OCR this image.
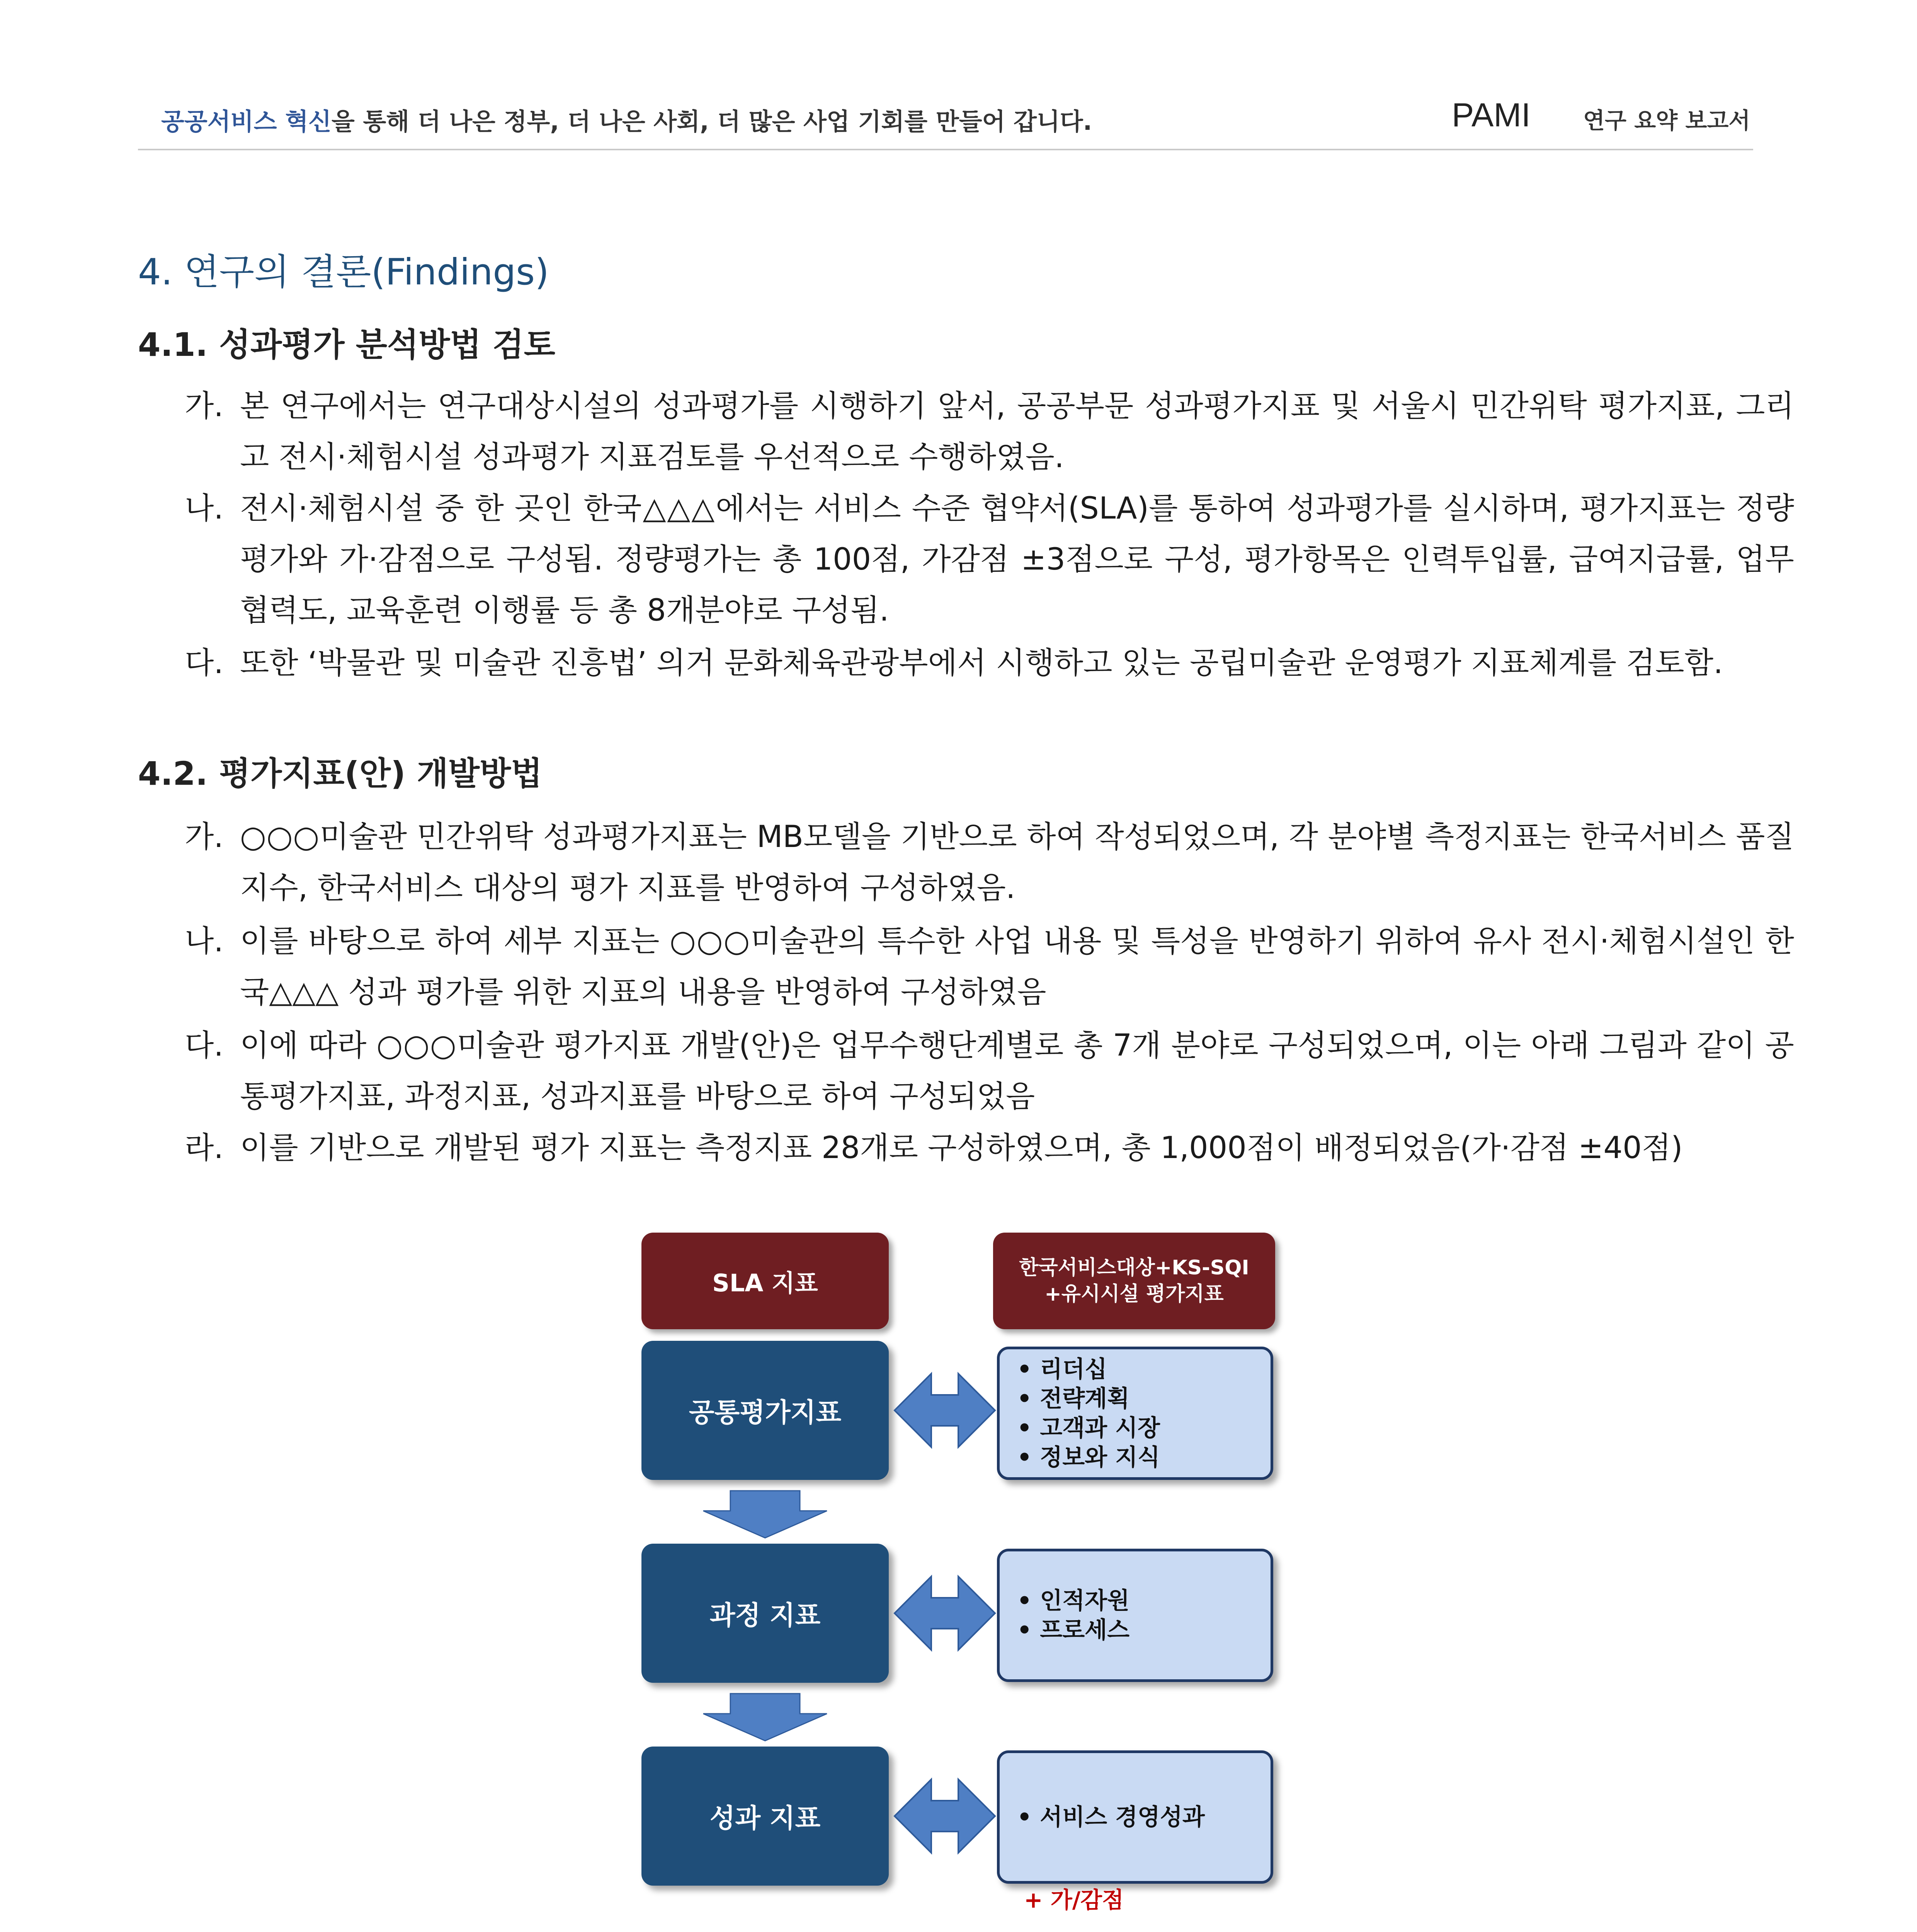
공공서비스 혁신을 통해 더 나은 정부, 더 나은 사회, 더 많은 사업 기회를 만들어 갑니다.	PAMI 연구 요약 보고서
4. 연구의 결론(Findings)
4.1. 성과평가 분석방법 검토
가. 본 연구에서는 연구대상시설의 성과평가를 시행하기 앞서, 공공부문 성과평가지표 및 서울시 민간위탁 평가지표, 그리고 전시·체험시설 성과평가 지표검토를 우선적으로 수행하였음.
나. 전시·체험시설 중 한 곳인 한국△△△에서는 서비스 수준 협약서(SLA)를 통하여 성과평가를 실시하며, 평가지표는 정량평가와 가·감점으로 구성됨. 정량평가는 총 100점, 가감점 ±3점으로 구성, 평가항목은 인력투입률, 급여지급률, 업무협력도, 교육훈련 이행률 등 총 8개분야로 구성됨.
다. 또한 ‘박물관 및 미술관 진흥법’ 의거 문화체육관광부에서 시행하고 있는 공립미술관 운영평가 지표체계를 검토함.
4.2. 평가지표(안) 개발방법
가. ○○○미술관 민간위탁 성과평가지표는 MB모델을 기반으로 하여 작성되었으며, 각 분야별 측정지표는 한국서비스 품질지수, 한국서비스 대상의 평가 지표를 반영하여 구성하였음.
나. 이를 바탕으로 하여 세부 지표는 ○○○미술관의 특수한 사업 내용 및 특성을 반영하기 위하여 유사 전시·체험시설인 한국△△△ 성과 평가를 위한 지표의 내용을 반영하여 구성하였음
다. 이에 따라 ○○○미술관 평가지표 개발(안)은 업무수행단계별로 총 7개 분야로 구성되었으며, 이는 아래 그림과 같이 공통평가지표, 과정지표, 성과지표를 바탕으로 하여 구성되었음
라. 이를 기반으로 개발된 평가 지표는 측정지표 28개로 구성하였으며, 총 1,000점이 배정되었음(가·감점 ±40점)
SLA 지표
한국서비스대상+KS-SQI
+유시시설 평가지표
공통평가지표
• 리더십
• 전략계획
• 고객과 시장
• 정보와 지식
과정 지표	• 인적자원
• 프로세스
성과 지표	• 서비스 경영성과
+ 가/감점
